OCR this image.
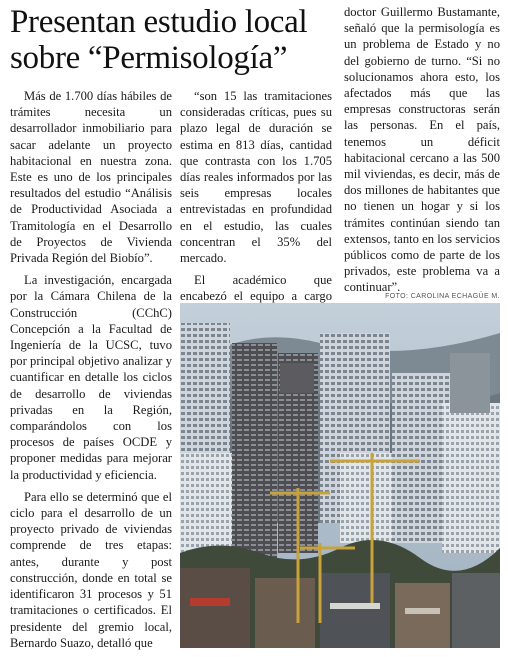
Presentan estudio local sobre “Permisología”

Más de 1.700 días hábiles de trámites necesita un desarrollador inmobiliario para sacar adelante un proyecto habitacional en nuestra zona. Este es uno de los principales resultados del estudio “Análisis de Productividad Asociada a Tramitología en el Desarrollo de Proyectos de Vivienda Privada Región del Biobío”.

La investigación, encargada por la Cámara Chilena de la Construcción (CChC) Concepción a la Facultad de Ingeniería de la UCSC, tuvo por principal objetivo analizar y cuantificar en detalle los ciclos de desarrollo de viviendas privadas en la Región, comparándolos con los procesos de países OCDE y proponer medidas para mejorar la productividad y eficiencia.

Para ello se determinó que el ciclo para el desarrollo de un proyecto privado de viviendas comprende de tres etapas: antes, durante y post construcción, donde en total se identificaron 31 procesos y 51 tramitaciones o certificados. El presidente del gremio local, Bernardo Suazo, detalló que

“son 15 las tramitaciones consideradas críticas, pues su plazo legal de duración se estima en 813 días, cantidad que contrasta con los 1.705 días reales informados por las seis empresas locales entrevistadas en profundidad en el estudio, las cuales concentran el 35% del mercado.

El académico que encabezó el equipo a cargo

doctor Guillermo Bustamante, señaló que la permisología es un problema de Estado y no del gobierno de turno. “Si no solucionamos ahora esto, los afectados más que las empresas constructoras serán las personas. En el país, tenemos un déficit habitacional cercano a las 500 mil viviendas, es decir, más de dos millones de habitantes que no tienen un hogar y si los trámites continúan siendo tan extensos, tanto en los servicios públicos como de parte de los privados, este problema va a continuar”.

FOTO: CAROLINA ECHAGÜE M.
